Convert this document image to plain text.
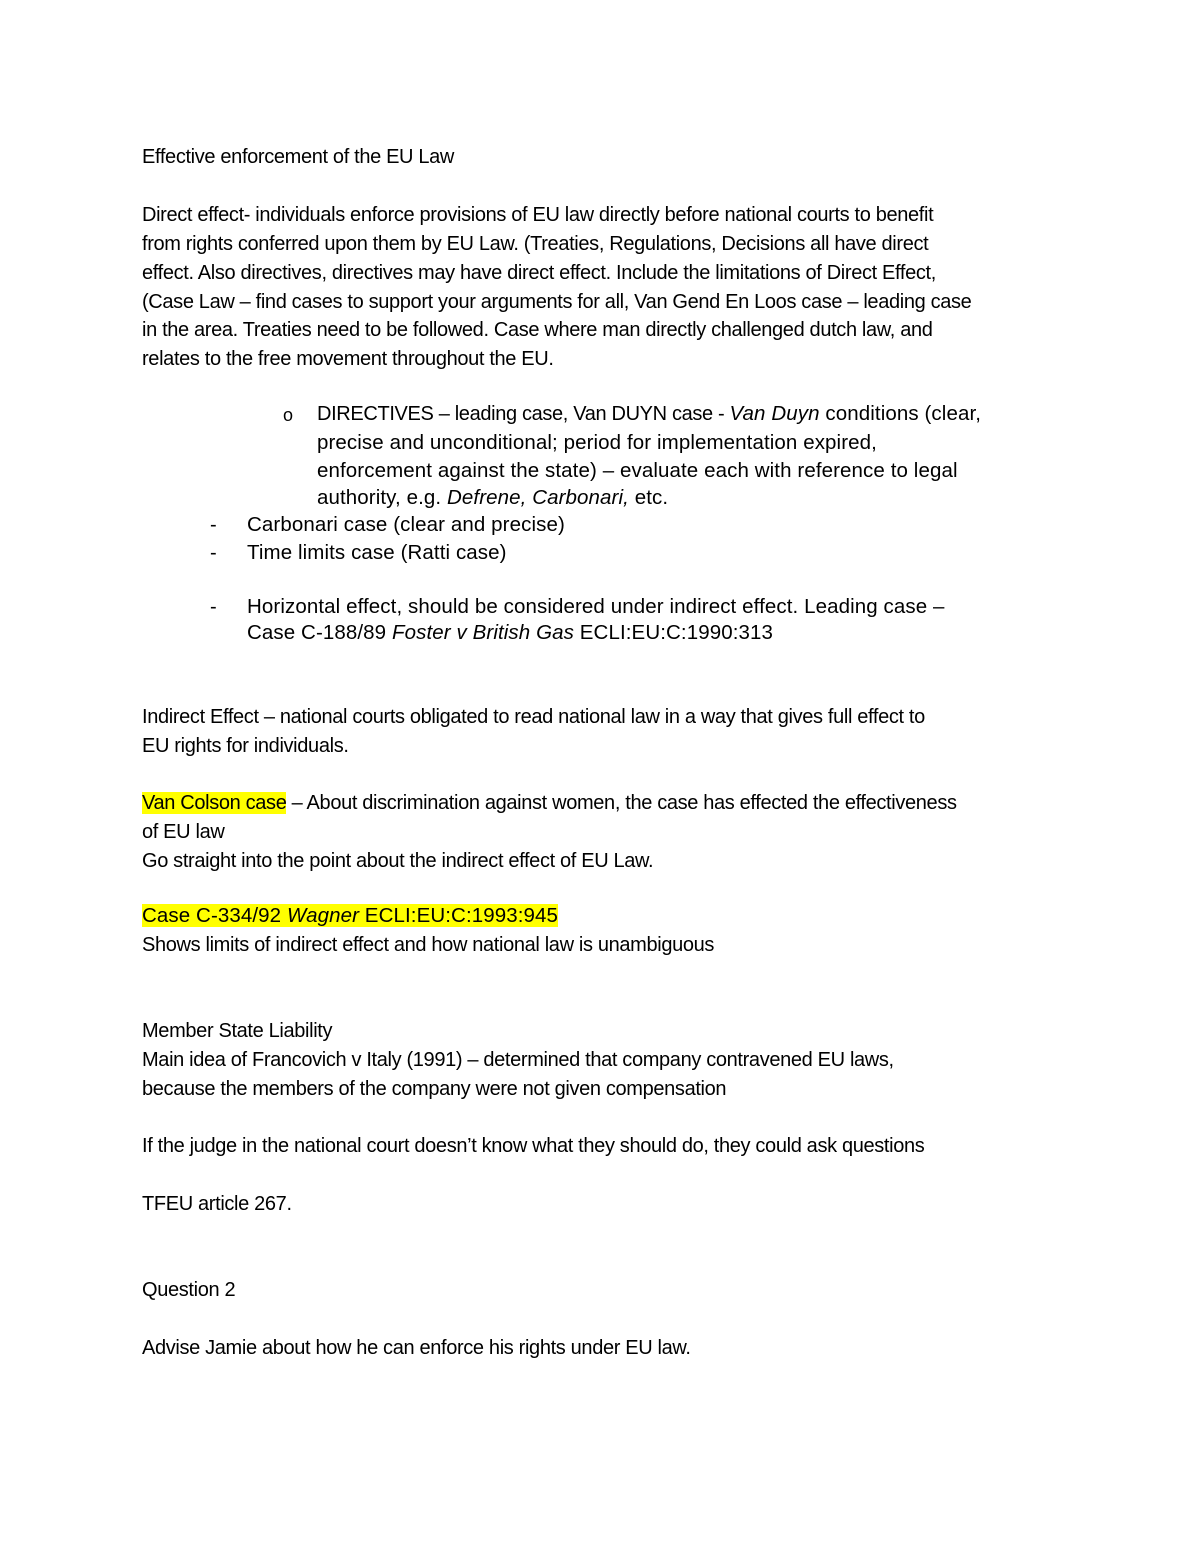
Effective enforcement of the EU Law
Direct effect- individuals enforce provisions of EU law directly before national courts to benefit
from rights conferred upon them by EU Law. (Treaties, Regulations, Decisions all have direct
effect. Also directives, directives may have direct effect. Include the limitations of Direct Effect,
(Case Law – find cases to support your arguments for all, Van Gend En Loos case – leading case
in the area. Treaties need to be followed. Case where man directly challenged dutch law, and
relates to the free movement throughout the EU.
o DIRECTIVES – leading case, Van DUYN case - Van Duyn conditions (clear,
precise and unconditional; period for implementation expired,
enforcement against the state) – evaluate each with reference to legal
authority, e.g. Defrene, Carbonari, etc.
- Carbonari case (clear and precise)
- Time limits case (Ratti case)
- Horizontal effect, should be considered under indirect effect. Leading case –
Case C-188/89 Foster v British Gas ECLI:EU:C:1990:313
Indirect Effect – national courts obligated to read national law in a way that gives full effect to
EU rights for individuals.
Van Colson case – About discrimination against women, the case has effected the effectiveness
of EU law
Go straight into the point about the indirect effect of EU Law.
Case C-334/92 Wagner ECLI:EU:C:1993:945
Shows limits of indirect effect and how national law is unambiguous
Member State Liability
Main idea of Francovich v Italy (1991) – determined that company contravened EU laws,
because the members of the company were not given compensation
If the judge in the national court doesn’t know what they should do, they could ask questions
TFEU article 267.
Question 2
Advise Jamie about how he can enforce his rights under EU law.
